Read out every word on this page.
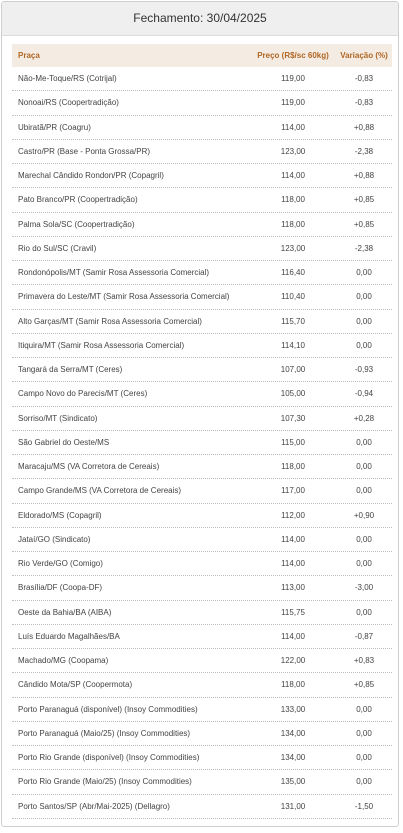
Fechamento: 30/04/2025
Praça	Preço (R$/sc 60kg)	Variação (%)
Não-Me-Toque/RS (Cotrijal)	119,00	-0,83
Nonoai/RS (Coopertradição)	119,00	-0,83
Ubiratã/PR (Coagru)	114,00	+0,88
Castro/PR (Base - Ponta Grossa/PR)	123,00	-2,38
Marechal Cândido Rondon/PR (Copagril)	114,00	+0,88
Pato Branco/PR (Coopertradição)	118,00	+0,85
Palma Sola/SC (Coopertradição)	118,00	+0,85
Rio do Sul/SC (Cravil)	123,00	-2,38
Rondonópolis/MT (Samir Rosa Assessoria Comercial)	116,40	0,00
Primavera do Leste/MT (Samir Rosa Assessoria Comercial)	110,40	0,00
Alto Garças/MT (Samir Rosa Assessoria Comercial)	115,70	0,00
Itiquira/MT (Samir Rosa Assessoria Comercial)	114,10	0,00
Tangará da Serra/MT (Ceres)	107,00	-0,93
Campo Novo do Parecis/MT (Ceres)	105,00	-0,94
Sorriso/MT (Sindicato)	107,30	+0,28
São Gabriel do Oeste/MS	115,00	0,00
Maracaju/MS (VA Corretora de Cereais)	118,00	0,00
Campo Grande/MS (VA Corretora de Cereais)	117,00	0,00
Eldorado/MS (Copagril)	112,00	+0,90
Jataí/GO (Sindicato)	114,00	0,00
Rio Verde/GO (Comigo)	114,00	0,00
Brasília/DF (Coopa-DF)	113,00	-3,00
Oeste da Bahia/BA (AIBA)	115,75	0,00
Luís Eduardo Magalhães/BA	114,00	-0,87
Machado/MG (Coopama)	122,00	+0,83
Cândido Mota/SP (Coopermota)	118,00	+0,85
Porto Paranaguá (disponível) (Insoy Commodities)	133,00	0,00
Porto Paranaguá (Maio/25) (Insoy Commodities)	134,00	0,00
Porto Rio Grande (disponível) (Insoy Commodities)	134,00	0,00
Porto Rio Grande (Maio/25) (Insoy Commodities)	135,00	0,00
Porto Santos/SP (Abr/Mai-2025) (Dellagro)	131,00	-1,50
